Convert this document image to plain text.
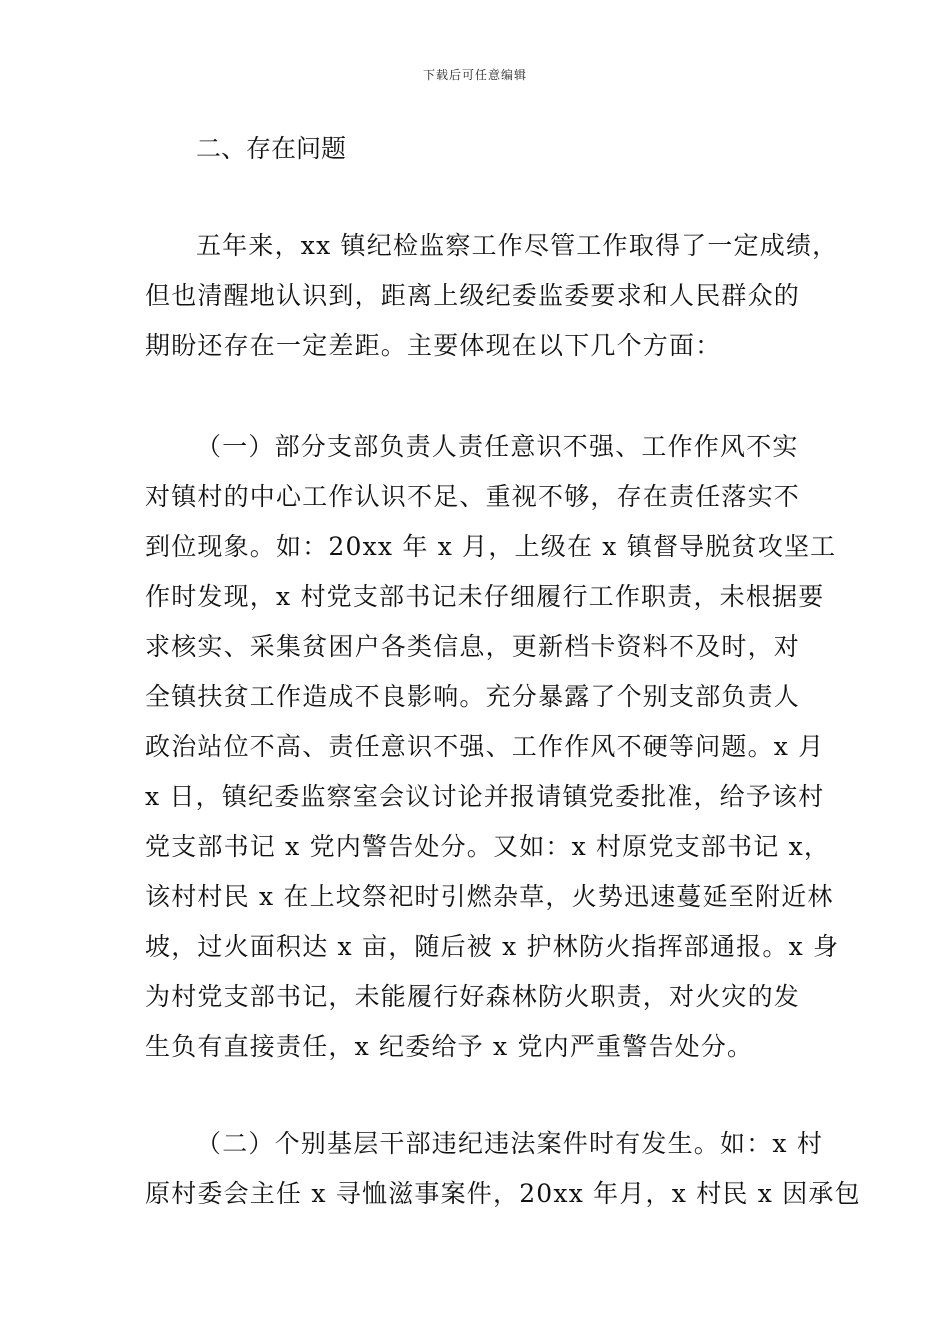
下载后可任意编辑
二、存在问题
五年来，xx 镇纪检监察工作尽管工作取得了一定成绩，
但也清醒地认识到，距离上级纪委监委要求和人民群众的
期盼还存在一定差距。主要体现在以下几个方面：
（一）部分支部负责人责任意识不强、工作作风不实
对镇村的中心工作认识不足、重视不够，存在责任落实不
到位现象。如：20xx 年 x 月，上级在 x 镇督导脱贫攻坚工
作时发现，x 村党支部书记未仔细履行工作职责，未根据要
求核实、采集贫困户各类信息，更新档卡资料不及时，对
全镇扶贫工作造成不良影响。充分暴露了个别支部负责人
政治站位不高、责任意识不强、工作作风不硬等问题。x 月
x 日，镇纪委监察室会议讨论并报请镇党委批准，给予该村
党支部书记 x 党内警告处分。又如：x 村原党支部书记 x，
该村村民 x 在上坟祭祀时引燃杂草，火势迅速蔓延至附近林
坡，过火面积达 x 亩，随后被 x 护林防火指挥部通报。x 身
为村党支部书记，未能履行好森林防火职责，对火灾的发
生负有直接责任，x 纪委给予 x 党内严重警告处分。
（二）个别基层干部违纪违法案件时有发生。如：x 村
原村委会主任 x 寻恤滋事案件，20xx 年月，x 村民 x 因承包
